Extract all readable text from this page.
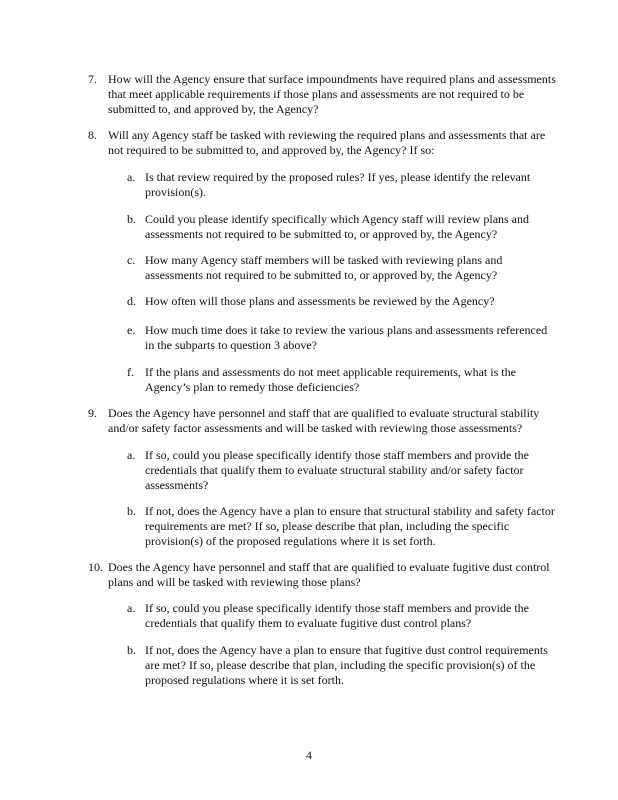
7. How will the Agency ensure that surface impoundments have required plans and assessments that meet applicable requirements if those plans and assessments are not required to be submitted to, and approved by, the Agency?
8. Will any Agency staff be tasked with reviewing the required plans and assessments that are not required to be submitted to, and approved by, the Agency? If so:
a. Is that review required by the proposed rules? If yes, please identify the relevant provision(s).
b. Could you please identify specifically which Agency staff will review plans and assessments not required to be submitted to, or approved by, the Agency?
c. How many Agency staff members will be tasked with reviewing plans and assessments not required to be submitted to, or approved by, the Agency?
d. How often will those plans and assessments be reviewed by the Agency?
e. How much time does it take to review the various plans and assessments referenced in the subparts to question 3 above?
f. If the plans and assessments do not meet applicable requirements, what is the Agency’s plan to remedy those deficiencies?
9. Does the Agency have personnel and staff that are qualified to evaluate structural stability and/or safety factor assessments and will be tasked with reviewing those assessments?
a. If so, could you please specifically identify those staff members and provide the credentials that qualify them to evaluate structural stability and/or safety factor assessments?
b. If not, does the Agency have a plan to ensure that structural stability and safety factor requirements are met? If so, please describe that plan, including the specific provision(s) of the proposed regulations where it is set forth.
10. Does the Agency have personnel and staff that are qualified to evaluate fugitive dust control plans and will be tasked with reviewing those plans?
a. If so, could you please specifically identify those staff members and provide the credentials that qualify them to evaluate fugitive dust control plans?
b. If not, does the Agency have a plan to ensure that fugitive dust control requirements are met? If so, please describe that plan, including the specific provision(s) of the proposed regulations where it is set forth.
4
